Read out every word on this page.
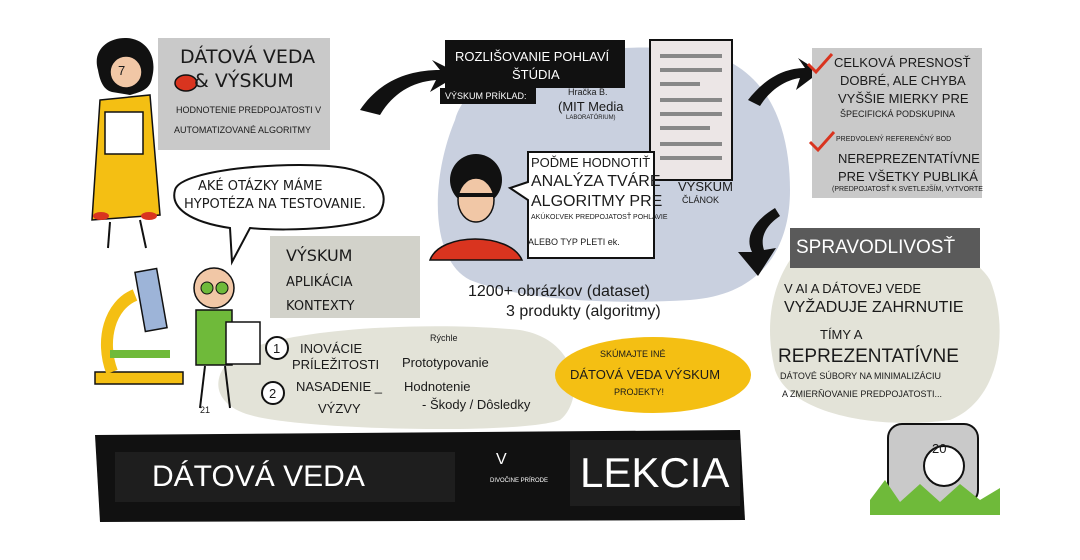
7
DÁTOVÁ VEDA
& VÝSKUM
HODNOTENIE PREDPOJATOSTI V
AUTOMATIZOVANÉ ALGORITMY
AKÉ OTÁZKY MÁME
HYPOTÉZA NA TESTOVANIE.
ROZLIŠOVANIE POHLAVÍ
ŠTÚDIA
VÝSKUM PRÍKLAD:	Hračka B.
(MIT Media
LABORATÓRIUM)
VÝSKUM
ČLÁNOK
POĎME HODNOTIŤ
ANALÝZA TVÁRE
ALGORITMY PRE
AKÚKOĽVEK PREDPOJATOSŤ POHLAVIE
ALEBO TYP PLETI ek.
1200+ obrázkov (dataset)
3 produkty (algoritmy)
VÝSKUM
APLIKÁCIA
KONTEXTY
1 INOVÁCIE
PRÍLEŽITOSTI
Rýchle
Prototypovanie
2 NASADENIE _
VÝZVY
Hodnotenie
- Škody / Dôsledky
SKÚMAJTE INÉ
DÁTOVÁ VEDA VÝSKUM
PROJEKTY!
CELKOVÁ PRESNOSŤ
DOBRÉ, ALE CHYBA
VYŠŠIE MIERKY PRE
ŠPECIFICKÁ PODSKUPINA
PREDVOLENÝ REFERENČNÝ BOD
NEREPREZENTATÍVNE
PRE VŠETKY PUBLIKÁ
(PREDPOJATOSŤ K SVETLEJŠÍM, VYTVORTE
SPRAVODLIVOSŤ
V AI A DÁTOVEJ VEDE
VYŽADUJE ZAHRNUTIE
TÍMY A
REPREZENTATÍVNE
DÁTOVÉ SÚBORY NA MINIMALIZÁCIU
A ZMIERŇOVANIE PREDPOJATOSTI...
DÁTOVÁ VEDA
V
DIVOČINE PRÍRODE LEKCIA
20
21
